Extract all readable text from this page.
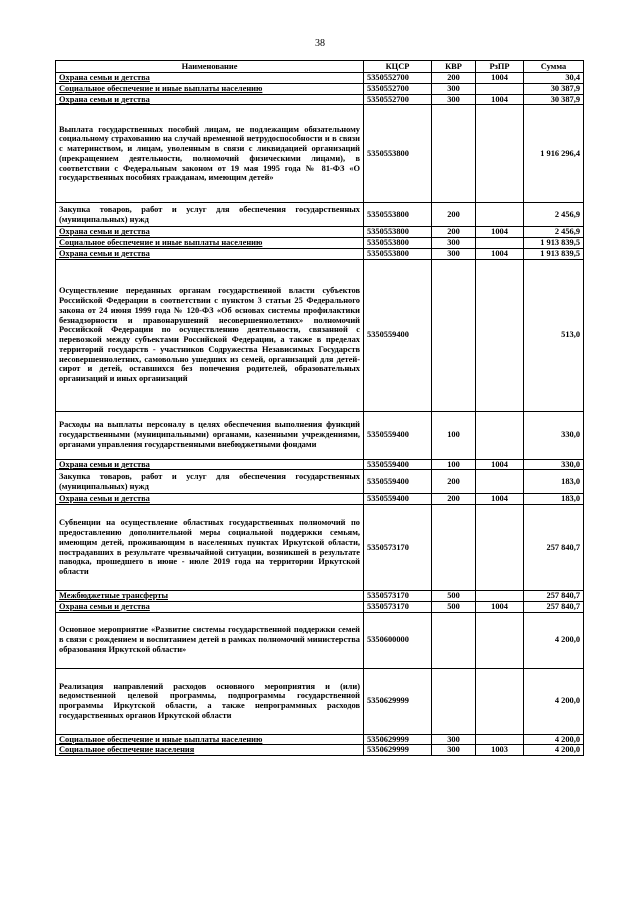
38
Наименование	КЦСР	КВР	РзПР	Сумма
Охрана семьи и детства	5350552700	200	1004	30,4
Социальное обеспечение и иные выплаты населению	5350552700	300		30 387,9
Охрана семьи и детства	5350552700	300	1004	30 387,9
Выплата государственных пособий лицам, не подлежащим обязательному социальному страхованию на случай временной нетрудоспособности и в связи с материнством, и лицам, уволенным в связи с ликвидацией организаций (прекращением деятельности, полномочий физическими лицами), в соответствии с Федеральным законом от 19 мая 1995 года № 81-ФЗ «О государственных пособиях гражданам, имеющим детей»	5350553800			1 916 296,4
Закупка товаров, работ и услуг для обеспечения государственных (муниципальных) нужд	5350553800	200		2 456,9
Охрана семьи и детства	5350553800	200	1004	2 456,9
Социальное обеспечение и иные выплаты населению	5350553800	300		1 913 839,5
Охрана семьи и детства	5350553800	300	1004	1 913 839,5
Осуществление переданных органам государственной власти субъектов Российской Федерации в соответствии с пунктом 3 статьи 25 Федерального закона от 24 июня 1999 года № 120-ФЗ «Об основах системы профилактики безнадзорности и правонарушений несовершеннолетних» полномочий Российской Федерации по осуществлению деятельности, связанной с перевозкой между субъектами Российской Федерации, а также в пределах территорий государств - участников Содружества Независимых Государств несовершеннолетних, самовольно ушедших из семей, организаций для детей-сирот и детей, оставшихся без попечения родителей, образовательных организаций и иных организаций	5350559400			513,0
Расходы на выплаты персоналу в целях обеспечения выполнения функций государственными (муниципальными) органами, казенными учреждениями, органами управления государственными внебюджетными фондами	5350559400	100		330,0
Охрана семьи и детства	5350559400	100	1004	330,0
Закупка товаров, работ и услуг для обеспечения государственных (муниципальных) нужд	5350559400	200		183,0
Охрана семьи и детства	5350559400	200	1004	183,0
Субвенции на осуществление областных государственных полномочий по предоставлению дополнительной меры социальной поддержки семьям, имеющим детей, проживающим в населенных пунктах Иркутской области, пострадавших в результате чрезвычайной ситуации, возникшей в результате паводка, прошедшего в июне - июле 2019 года на территории Иркутской области	5350573170			257 840,7
Межбюджетные трансферты	5350573170	500		257 840,7
Охрана семьи и детства	5350573170	500	1004	257 840,7
Основное мероприятие «Развитие системы государственной поддержки семей в связи с рождением и воспитанием детей в рамках полномочий министерства образования Иркутской области»	5350600000			4 200,0
Реализация направлений расходов основного мероприятия и (или) ведомственной целевой программы, подпрограммы государственной программы Иркутской области, а также непрограммных расходов государственных органов Иркутской области	5350629999			4 200,0
Социальное обеспечение и иные выплаты населению	5350629999	300		4 200,0
Социальное обеспечение населения	5350629999	300	1003	4 200,0
